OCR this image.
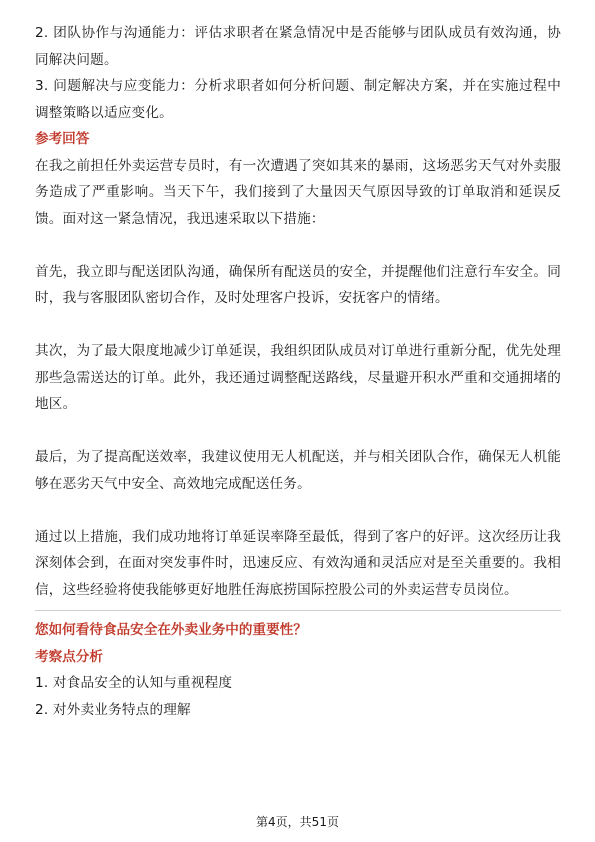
2. 团队协作与沟通能力：评估求职者在紧急情况中是否能够与团队成员有效沟通，协同解决问题。

3. 问题解决与应变能力：分析求职者如何分析问题、制定解决方案，并在实施过程中调整策略以适应变化。

参考回答

在我之前担任外卖运营专员时，有一次遭遇了突如其来的暴雨，这场恶劣天气对外卖服务造成了严重影响。当天下午，我们接到了大量因天气原因导致的订单取消和延误反馈。面对这一紧急情况，我迅速采取以下措施：

首先，我立即与配送团队沟通，确保所有配送员的安全，并提醒他们注意行车安全。同时，我与客服团队密切合作，及时处理客户投诉，安抚客户的情绪。

其次，为了最大限度地减少订单延误，我组织团队成员对订单进行重新分配，优先处理那些急需送达的订单。此外，我还通过调整配送路线，尽量避开积水严重和交通拥堵的地区。

最后，为了提高配送效率，我建议使用无人机配送，并与相关团队合作，确保无人机能够在恶劣天气中安全、高效地完成配送任务。

通过以上措施，我们成功地将订单延误率降至最低，得到了客户的好评。这次经历让我深刻体会到，在面对突发事件时，迅速反应、有效沟通和灵活应对是至关重要的。我相信，这些经验将使我能够更好地胜任海底捞国际控股公司的外卖运营专员岗位。

您如何看待食品安全在外卖业务中的重要性？

考察点分析

1. 对食品安全的认知与重视程度

2. 对外卖业务特点的理解

第4页，共51页
